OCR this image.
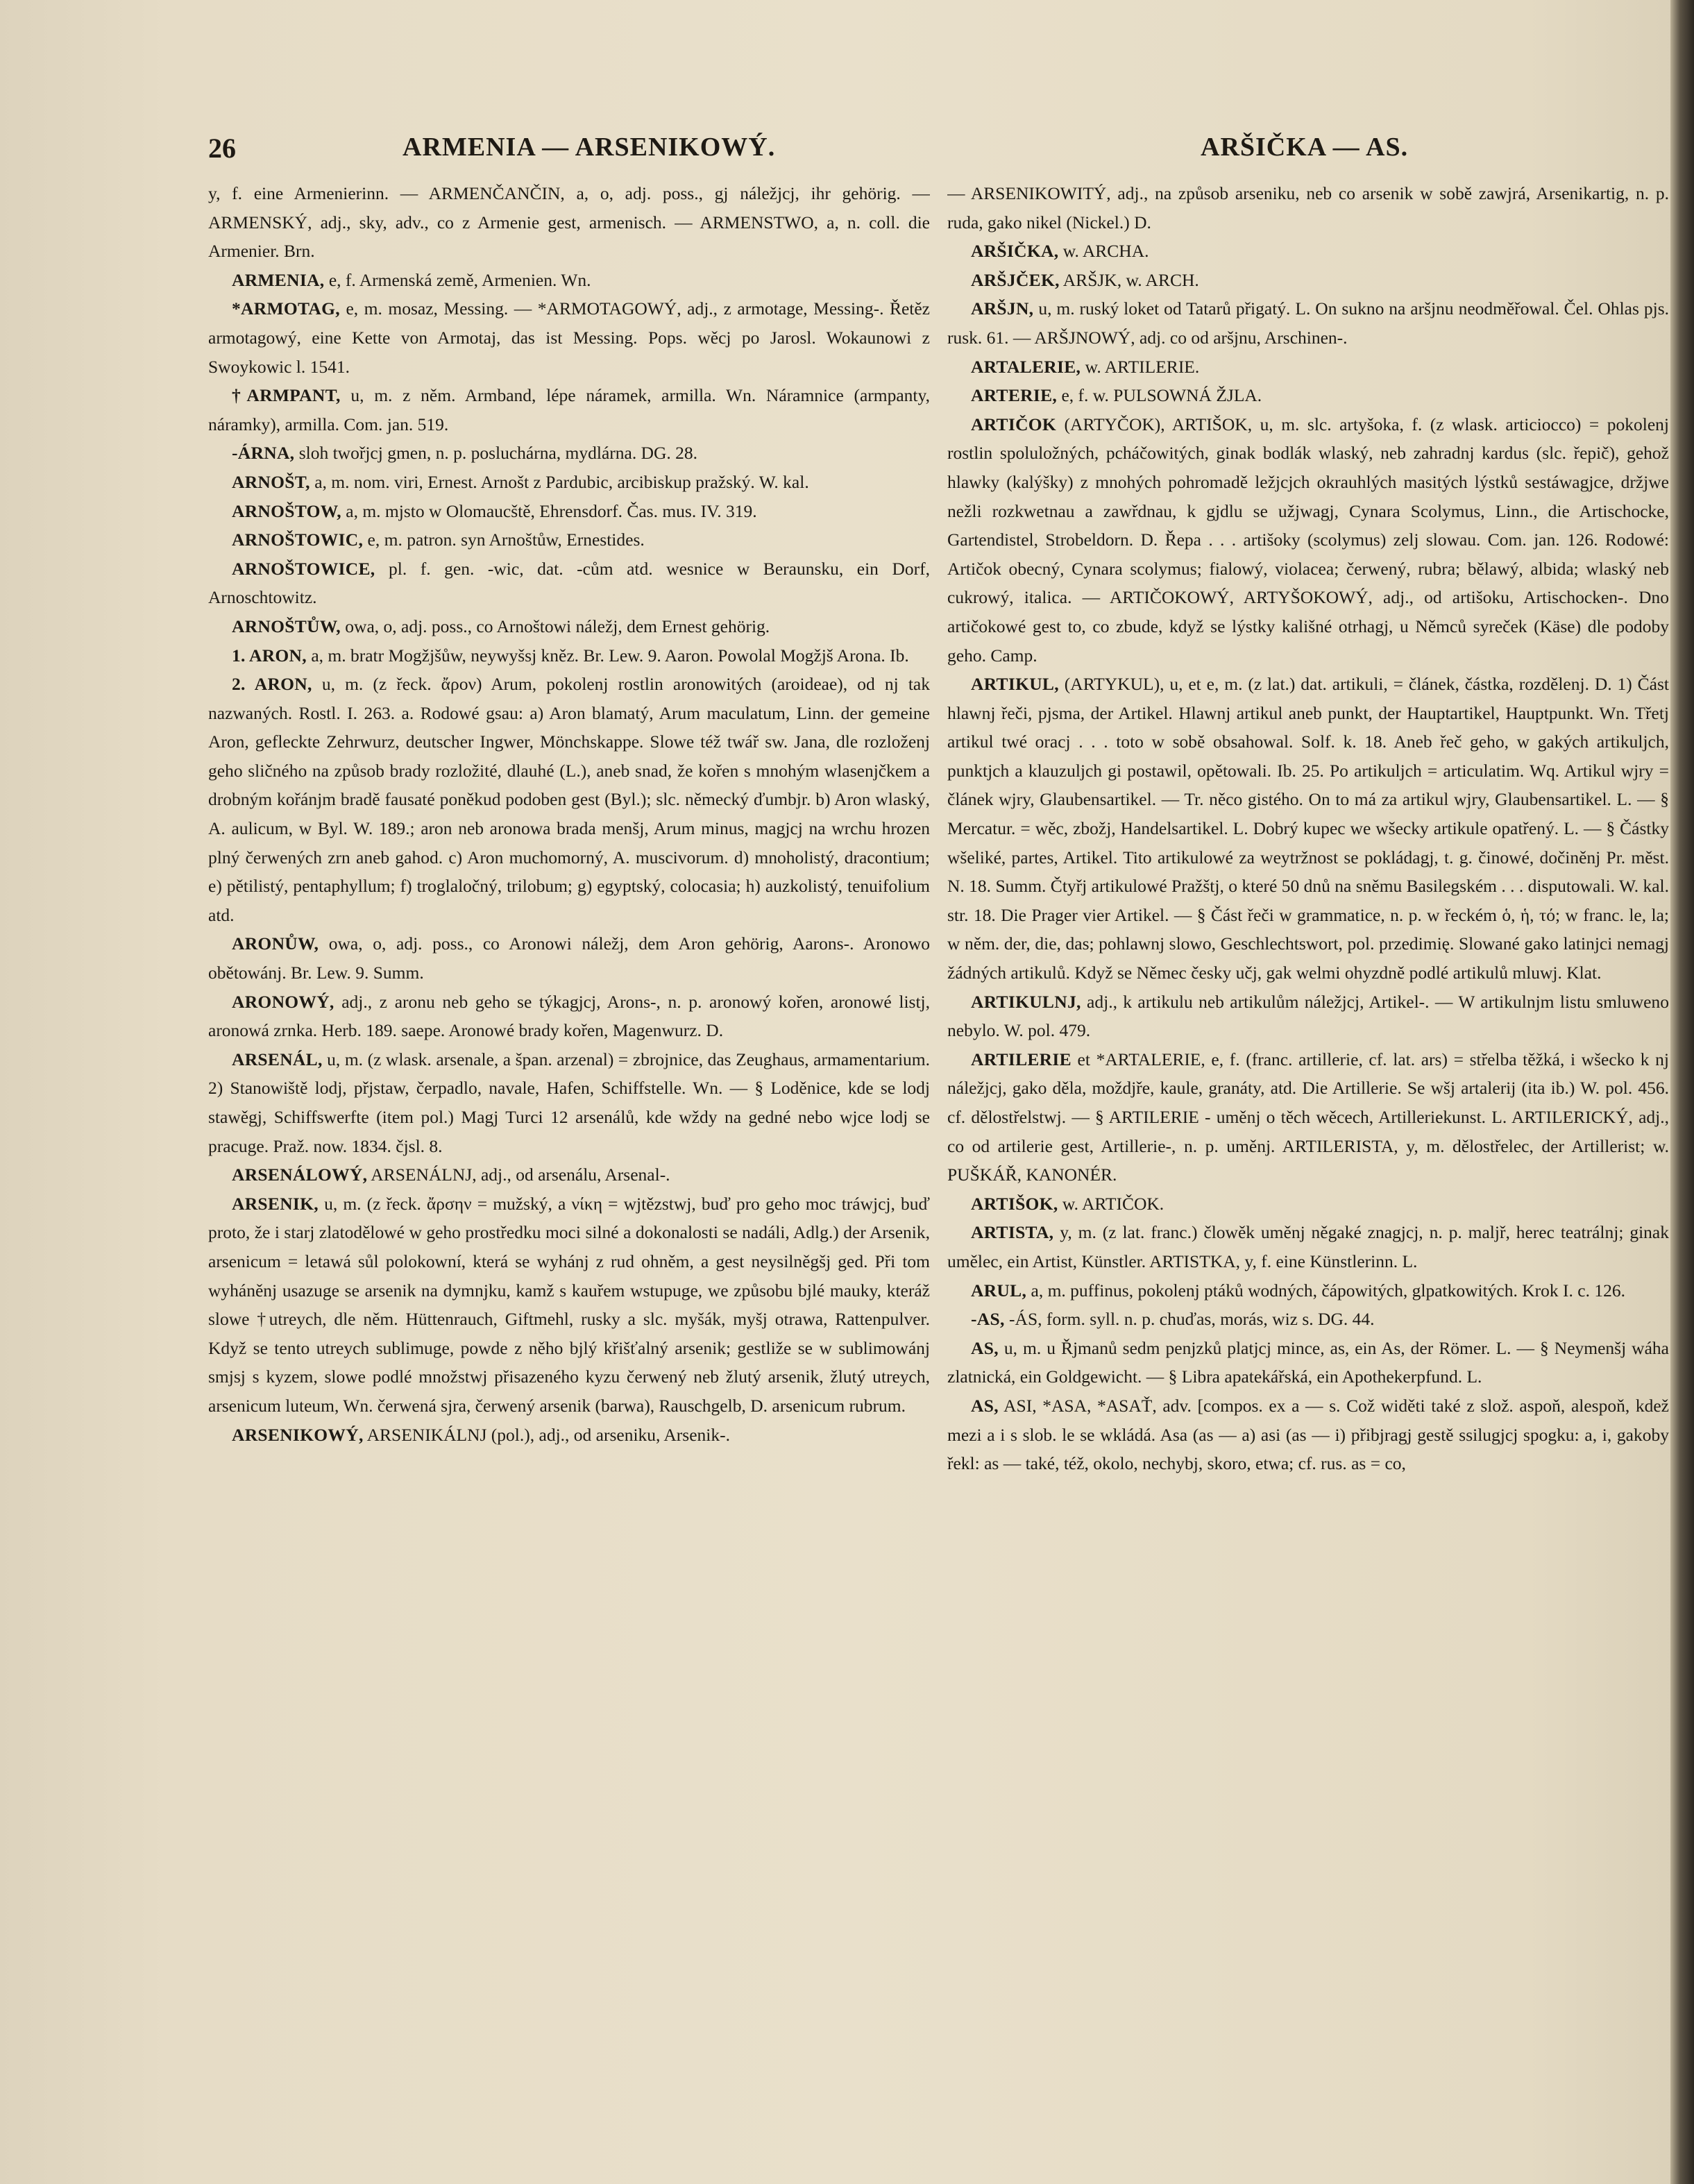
26	ARMENIA — ARSENIKOWÝ.	ARŠIČKA — AS.

y, f. eine Armenierinn. — ARMENČANČIN, a, o, adj. poss., gj náležjcj, ihr gehörig. — ARMENSKÝ, adj., sky, adv., co z Armenie gest, armenisch. — ARMENSTWO, a, n. coll. die Armenier. Brn.

ARMENIA, e, f. Armenská země, Armenien. Wn.

*ARMOTAG, e, m. mosaz, Messing. — *ARMOTAGOWÝ, adj., z armotage, Messing-. Řetěz armotagowý, eine Kette von Armotaj, das ist Messing. Pops. wěcj po Jarosl. Wokaunowi z Swoykowic l. 1541.

†ARMPANT, u, m. z něm. Armband, lépe náramek, armilla. Wn. Náramnice (armpanty, náramky), armilla. Com. jan. 519.

-ÁRNA, sloh twořjcj gmen, n. p. posluchárna, mydlárna. DG. 28.

ARNOŠT, a, m. nom. viri, Ernest. Arnošt z Pardubic, arcibiskup pražský. W. kal.

ARNOŠTOW, a, m. mjsto w Olomaucště, Ehrensdorf. Čas. mus. IV. 319.

ARNOŠTOWIC, e, m. patron. syn Arnoštůw, Ernestides.

ARNOŠTOWICE, pl. f. gen. -wic, dat. -cům atd. wesnice w Beraunsku, ein Dorf, Arnoschtowitz.

ARNOŠTŮW, owa, o, adj. poss., co Arnoštowi náležj, dem Ernest gehörig.

1. ARON, a, m. bratr Mogžjšůw, neywyšsj kněz. Br. Lew. 9. Aaron. Powolal Mogžjš Arona. Ib.

2. ARON, u, m. (z řeck. ἄρον) Arum, pokolenj rostlin aronowitých (aroideae), od nj tak nazwaných. Rostl. I. 263. a. Rodowé gsau: a) Aron blamatý, Arum maculatum, Linn. der gemeine Aron, gefleckte Zehrwurz, deutscher Ingwer, Mönchskappe. Slowe též twář sw. Jana, dle rozloženj geho sličného na způsob brady rozložité, dlauhé (L.), aneb snad, že kořen s mnohým wlasenjčkem a drobným kořánjm bradě fausaté poněkud podoben gest (Byl.); slc. německý ďumbjr. b) Aron wlaský, A. aulicum, w Byl. W. 189.; aron neb aronowa brada menšj, Arum minus, magjcj na wrchu hrozen plný čerwených zrn aneb gahod. c) Aron muchomorný, A. muscivorum. d) mnoholistý, dracontium; e) pětilistý, pentaphyllum; f) troglaločný, trilobum; g) egyptský, colocasia; h) auzkolistý, tenuifolium atd.

ARONŮW, owa, o, adj. poss., co Aronowi náležj, dem Aron gehörig, Aarons-. Aronowo obětowánj. Br. Lew. 9. Summ.

ARONOWÝ, adj., z aronu neb geho se týkagjcj, Arons-, n. p. aronowý kořen, aronowé listj, aronowá zrnka. Herb. 189. saepe. Aronowé brady kořen, Magenwurz. D.

ARSENÁL, u, m. (z wlask. arsenale, a špan. arzenal) = zbrojnice, das Zeughaus, armamentarium. 2) Stanowiště lodj, přjstaw, čerpadlo, navale, Hafen, Schiffstelle. Wn. — § Loděnice, kde se lodj stawěgj, Schiffswerfte (item pol.) Magj Turci 12 arsenálů, kde wždy na gedné nebo wjce lodj se pracuge. Praž. now. 1834. čjsl. 8.

ARSENÁLOWÝ, ARSENÁLNJ, adj., od arsenálu, Arsenal-.

ARSENIK, u, m. (z řeck. ἄρσην = mužský, a νίκη = wjtězstwj, buď pro geho moc tráwjcj, buď proto, že i starj zlatodělowé w geho prostředku moci silné a dokonalosti se nadáli, Adlg.) der Arsenik, arsenicum = letawá sůl polokowní, která se wyhánj z rud ohněm, a gest neysilněgšj ged. Při tom wyháněnj usazuge se arsenik na dymnjku, kamž s kauřem wstupuge, we způsobu bjlé mauky, kteráž slowe †utreych, dle něm. Hüttenrauch, Giftmehl, rusky a slc. myšák, myšj otrawa, Rattenpulver. Když se tento utreych sublimuge, powde z něho bjlý křišťalný arsenik; gestliže se w sublimowánj smjsj s kyzem, slowe podlé množstwj přisazeného kyzu čerwený neb žlutý arsenik, žlutý utreych, arsenicum luteum, Wn. čerwená sjra, čerwený arsenik (barwa), Rauschgelb, D. arsenicum rubrum.

ARSENIKOWÝ, ARSENIKÁLNJ (pol.), adj., od arseniku, Arsenik-.

— ARSENIKOWITÝ, adj., na způsob arseniku, neb co arsenik w sobě zawjrá, Arsenikartig, n. p. ruda, gako nikel (Nickel.) D.

ARŠIČKA, w. ARCHA.

ARŠJČEK, ARŠJK, w. ARCH.

ARŠJN, u, m. ruský loket od Tatarů přigatý. L. On sukno na aršjnu neodměřowal. Čel. Ohlas pjs. rusk. 61. — ARŠJNOWÝ, adj. co od aršjnu, Arschinen-.

ARTALERIE, w. ARTILERIE.

ARTERIE, e, f. w. PULSOWNÁ ŽJLA.

ARTIČOK (ARTYČOK), ARTIŠOK, u, m. slc. artyšoka, f. (z wlask. articiocco) = pokolenj rostlin spoluložných, pcháčowitých, ginak bodlák wlaský, neb zahradnj kardus (slc. řepič), gehož hlawky (kalýšky) z mnohých pohromadě ležjcjch okrauhlých masitých lýstků sestáwagjce, držjwe nežli rozkwetnau a zawřdnau, k gjdlu se užjwagj, Cynara Scolymus, Linn., die Artischocke, Gartendistel, Strobeldorn. D. Řepa . . . artišoky (scolymus) zelj slowau. Com. jan. 126. Rodowé: Artičok obecný, Cynara scolymus; fialowý, violacea; čerwený, rubra; bělawý, albida; wlaský neb cukrowý, italica. — ARTIČOKOWÝ, ARTYŠOKOWÝ, adj., od artišoku, Artischocken-. Dno artičokowé gest to, co zbude, když se lýstky kališné otrhagj, u Němců syreček (Käse) dle podoby geho. Camp.

ARTIKUL, (ARTYKUL), u, et e, m. (z lat.) dat. artikuli, = článek, částka, rozdělenj. D. 1) Část hlawnj řeči, pjsma, der Artikel. Hlawnj artikul aneb punkt, der Hauptartikel, Hauptpunkt. Wn. Třetj artikul twé oracj . . . toto w sobě obsahowal. Solf. k. 18. Aneb řeč geho, w gakých artikuljch, punktjch a klauzuljch gi postawil, opětowali. Ib. 25. Po artikuljch = articulatim. Wq. Artikul wjry = článek wjry, Glaubensartikel. — Tr. něco gistého. On to má za artikul wjry, Glaubensartikel. L. — § Mercatur. = wěc, zbožj, Handelsartikel. L. Dobrý kupec we wšecky artikule opatřený. L. — § Částky wšeliké, partes, Artikel. Tito artikulowé za weytržnost se pokládagj, t. g. činowé, dočiněnj Pr. měst. N. 18. Summ. Čtyřj artikulowé Pražštj, o které 50 dnů na sněmu Basilegském . . . disputowali. W. kal. str. 18. Die Prager vier Artikel. — § Část řeči w grammatice, n. p. w řeckém ὁ, ἡ, τό; w franc. le, la; w něm. der, die, das; pohlawnj slowo, Geschlechtswort, pol. przedimię. Slowané gako latinjci nemagj žádných artikulů. Když se Němec česky učj, gak welmi ohyzdně podlé artikulů mluwj. Klat.

ARTIKULNJ, adj., k artikulu neb artikulům náležjcj, Artikel-. — W artikulnjm listu smluweno nebylo. W. pol. 479.

ARTILERIE et *ARTALERIE, e, f. (franc. artillerie, cf. lat. ars) = střelba těžká, i wšecko k nj náležjcj, gako děla, moždjře, kaule, granáty, atd. Die Artillerie. Se wšj artalerij (ita ib.) W. pol. 456. cf. dělostřelstwj. — § ARTILERIE - uměnj o těch wěcech, Artilleriekunst. L. ARTILERICKÝ, adj., co od artilerie gest, Artillerie-, n. p. uměnj. ARTILERISTA, y, m. dělostřelec, der Artillerist; w. PUŠKÁŘ, KANONÉR.

ARTIŠOK, w. ARTIČOK.

ARTISTA, y, m. (z lat. franc.) člowěk uměnj něgaké znagjcj, n. p. maljř, herec teatrálnj; ginak umělec, ein Artist, Künstler. ARTISTKA, y, f. eine Künstlerinn. L.

ARUL, a, m. puffinus, pokolenj ptáků wodných, čápowitých, glpatkowitých. Krok I. c. 126.

-AS, -ÁS, form. syll. n. p. chuďas, morás, wiz s. DG. 44.

AS, u, m. u Řjmanů sedm penjzků platjcj mince, as, ein As, der Römer. L. — § Neymenšj wáha zlatnická, ein Goldgewicht. — § Libra apatekářská, ein Apothekerpfund. L.

AS, ASI, *ASA, *ASAŤ, adv. [compos. ex a — s. Což widěti také z slož. aspoň, alespoň, kdež mezi a i s slob. le se wkládá. Asa (as — a) asi (as — i) přibjragj gestě ssilugjcj spogku: a, i, gakoby řekl: as — také, též, okolo, nechybj, skoro, etwa; cf. rus. as = co,
